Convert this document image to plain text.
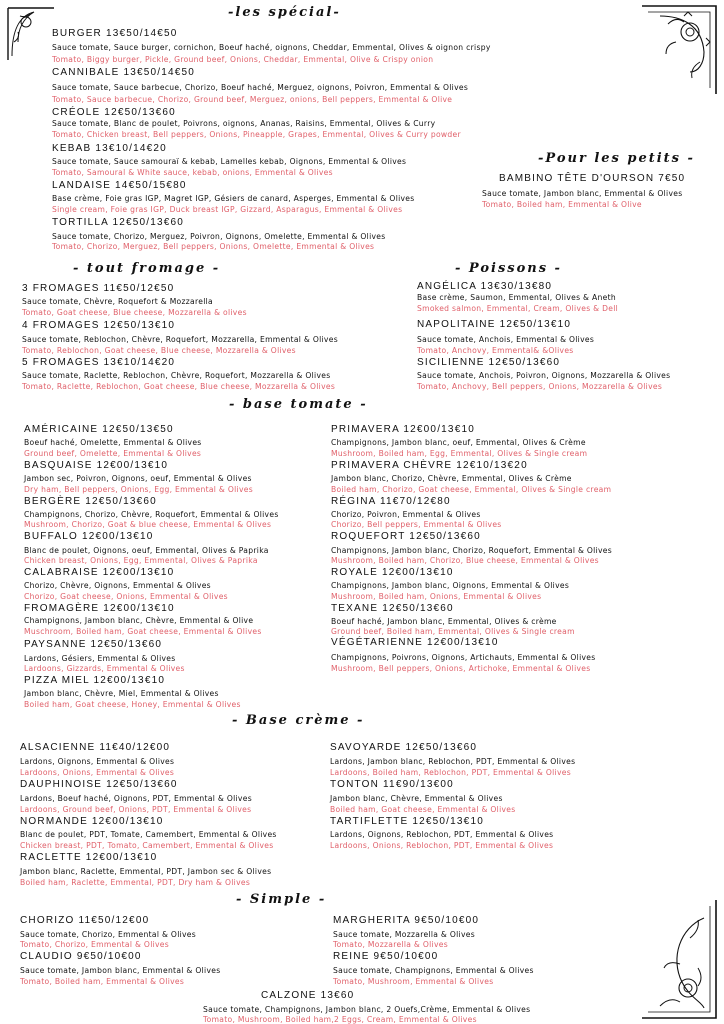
-les spécial-
-Pour les petits -
- tout fromage -	- Poissons -
- base tomate -
- Base crème -
- Simple -
BURGER 13€50/14€50
Sauce tomate, Sauce burger, cornichon, Boeuf haché, oignons, Cheddar, Emmental, Olives & oignon crispy
Tomato, Biggy burger, Pickle, Ground beef, Onions, Cheddar, Emmental, Olive & Crispy onion
CANNIBALE 13€50/14€50
Sauce tomate, Sauce barbecue, Chorizo, Boeuf haché, Merguez, oignons, Poivron, Emmental & Olives
Tomato, Sauce barbecue, Chorizo, Ground beef, Merguez, onions, Bell peppers, Emmental & Olive
CRÉOLE 12€50/13€60
Sauce tomate, Blanc de poulet, Poivrons, oignons, Ananas, Raisins, Emmental, Olives & Curry
Tomato, Chicken breast, Bell peppers, Onions, Pineapple, Grapes, Emmental, Olives & Curry powder
KEBAB 13€10/14€20
Sauce tomate, Sauce samouraï & kebab, Lamelles kebab, Oignons, Emmental & Olives
Tomato, Samoural & White sauce, kebab, onions, Emmental & Olives
LANDAISE 14€50/15€80
Base crème, Foie gras IGP, Magret IGP, Gésiers de canard, Asperges, Emmental & Olives
Single cream, Foie gras IGP, Duck breast IGP, Gizzard, Asparagus, Emmental & Olives
TORTILLA 12€50/13€60
Sauce tomate, Chorizo, Merguez, Poivron, Oignons, Omelette, Emmental & Olives
Tomato, Chorizo, Merguez, Bell peppers, Onions, Omelette, Emmental & Olives
BAMBINO TÊTE D'OURSON 7€50
Sauce tomate, Jambon blanc, Emmental & Olives
Tomato, Boiled ham, Emmental & Olive
3 FROMAGES 11€50/12€50
Sauce tomate, Chèvre, Roquefort & Mozzarella
Tomato, Goat cheese, Blue cheese, Mozzarella & olives
4 FROMAGES 12€50/13€10
Sauce tomate, Reblochon, Chèvre, Roquefort, Mozzarella, Emmental & Olives
Tomato, Reblochon, Goat cheese, Blue cheese, Mozzarella & Olives
5 FROMAGES 13€10/14€20
Sauce tomate, Raclette, Reblochon, Chèvre, Roquefort, Mozzarella & Olives
Tomato, Raclette, Reblochon, Goat cheese, Blue cheese, Mozzarella & Olives
ANGÉLICA 13€30/13€80
Base crème, Saumon, Emmental, Olives & Aneth
Smoked salmon, Emmental, Cream, Olives & Dell
NAPOLITAINE 12€50/13€10
Sauce tomate, Anchois, Emmental & Olives
Tomato, Anchovy, Emmental& &Olives
SICILIENNE 12€50/13€60
Sauce tomate, Anchois, Poivron, Oignons, Mozzarella & Olives
Tomato, Anchovy, Bell peppers, Onions, Mozzarella & Olives
AMÉRICAINE 12€50/13€50
Boeuf haché, Omelette, Emmental & Olives
Ground beef, Omelette, Emmental & Olives
BASQUAISE 12€00/13€10
Jambon sec, Poivron, Oignons, oeuf, Emmental & Olives
Dry ham, Bell peppers, Onions, Egg, Emmental & Olives
BERGÈRE 12€50/13€60
Champignons, Chorizo, Chèvre, Roquefort, Emmental & Olives
Mushroom, Chorizo, Goat & blue cheese, Emmental & Olives
BUFFALO 12€00/13€10
Blanc de poulet, Oignons, oeuf, Emmental, Olives & Paprika
Chicken breast, Onions, Egg, Emmental, Olives & Paprika
CALABRAISE 12€00/13€10
Chorizo, Chèvre, Oignons, Emmental & Olives
Chorizo, Goat cheese, Onions, Emmental & Olives
FROMAGÈRE 12€00/13€10
Champignons, Jambon blanc, Chèvre, Emmental & Olive
Muschroom, Boiled ham, Goat cheese, Emmental & Olives
PAYSANNE 12€50/13€60
Lardons, Gésiers, Emmental & Olives
Lardoons, Gizzards, Emmental & Olives
PIZZA MIEL 12€00/13€10
Jambon blanc, Chèvre, Miel, Emmental & Olives
Boiled ham, Goat cheese, Honey, Emmental & Olives
PRIMAVERA 12€00/13€10
Champignons, Jambon blanc, oeuf, Emmental, Olives & Crème
Mushroom, Boiled ham, Egg, Emmental, Olives & Single cream
PRIMAVERA CHÈVRE 12€10/13€20
Jambon blanc, Chorizo, Chèvre, Emmental, Olives & Crème
Boiled ham, Chorizo, Goat cheese, Emmental, Olives & Single cream
RÉGINA 11€70/12€80
Chorizo, Poivron, Emmental & Olives
Chorizo, Bell peppers, Emmental & Olives
ROQUEFORT 12€50/13€60
Champignons, Jambon blanc, Chorizo, Roquefort, Emmental & Olives
Mushroom, Boiled ham, Chorizo, Blue cheese, Emmental & Olives
ROYALE 12€00/13€10
Champignons, Jambon blanc, Oignons, Emmental & Olives
Mushroom, Boiled ham, Onions, Emmental & Olives
TEXANE 12€50/13€60
Boeuf haché, Jambon blanc, Emmental, Olives & crème
Ground beef, Boiled ham, Emmental, Olives & Single cream
VÉGÉTARIENNE 12€00/13€10
Champignons, Poivrons, Oignons, Artichauts, Emmental & Olives
Mushroom, Bell peppers, Onions, Artichoke, Emmental & Olives
ALSACIENNE 11€40/12€00
Lardons, Oignons, Emmental & Olives
Lardoons, Onions, Emmental & Olives
DAUPHINOISE 12€50/13€60
Lardons, Boeuf haché, Oignons, PDT, Emmental & Olives
Lardoons, Ground beef, Onions, PDT, Emmental & Olives
NORMANDE 12€00/13€10
Blanc de poulet, PDT, Tomate, Camembert, Emmental & Olives
Chicken breast, PDT, Tomato, Camembert, Emmental & Olives
RACLETTE 12€00/13€10
Jambon blanc, Raclette, Emmental, PDT, Jambon sec & Olives
Boiled ham, Raclette, Emmental, PDT, Dry ham & Olives
SAVOYARDE 12€50/13€60
Lardons, Jambon blanc, Reblochon, PDT, Emmental & Olives
Lardoons, Boiled ham, Reblochon, PDT, Emmental & Olives
TONTON 11€90/13€00
Jambon blanc, Chèvre, Emmental & Olives
Boiled ham, Goat cheese, Emmental & Olives
TARTIFLETTE 12€50/13€10
Lardons, Oignons, Reblochon, PDT, Emmental & Olives
Lardoons, Onions, Reblochon, PDT, Emmental & Olives
CHORIZO 11€50/12€00
Sauce tomate, Chorizo, Emmental & Olives
Tomato, Chorizo, Emmental & Olives
CLAUDIO 9€50/10€00
Sauce tomate, Jambon blanc, Emmental & Olives
Tomato, Boiled ham, Emmental & Olives
MARGHERITA 9€50/10€00
Sauce tomate, Mozzarella & Olives
Tomato, Mozzarella & Olives
REINE 9€50/10€00
Sauce tomate, Champignons, Emmental & Olives
Tomato, Mushroom, Emmental & Olives
CALZONE 13€60
Sauce tomate, Champignons, Jambon blanc, 2 Ouefs,Crème, Emmental & Olives
Tomato, Mushroom, Boiled ham,2 Eggs, Cream, Emmental & Olives
